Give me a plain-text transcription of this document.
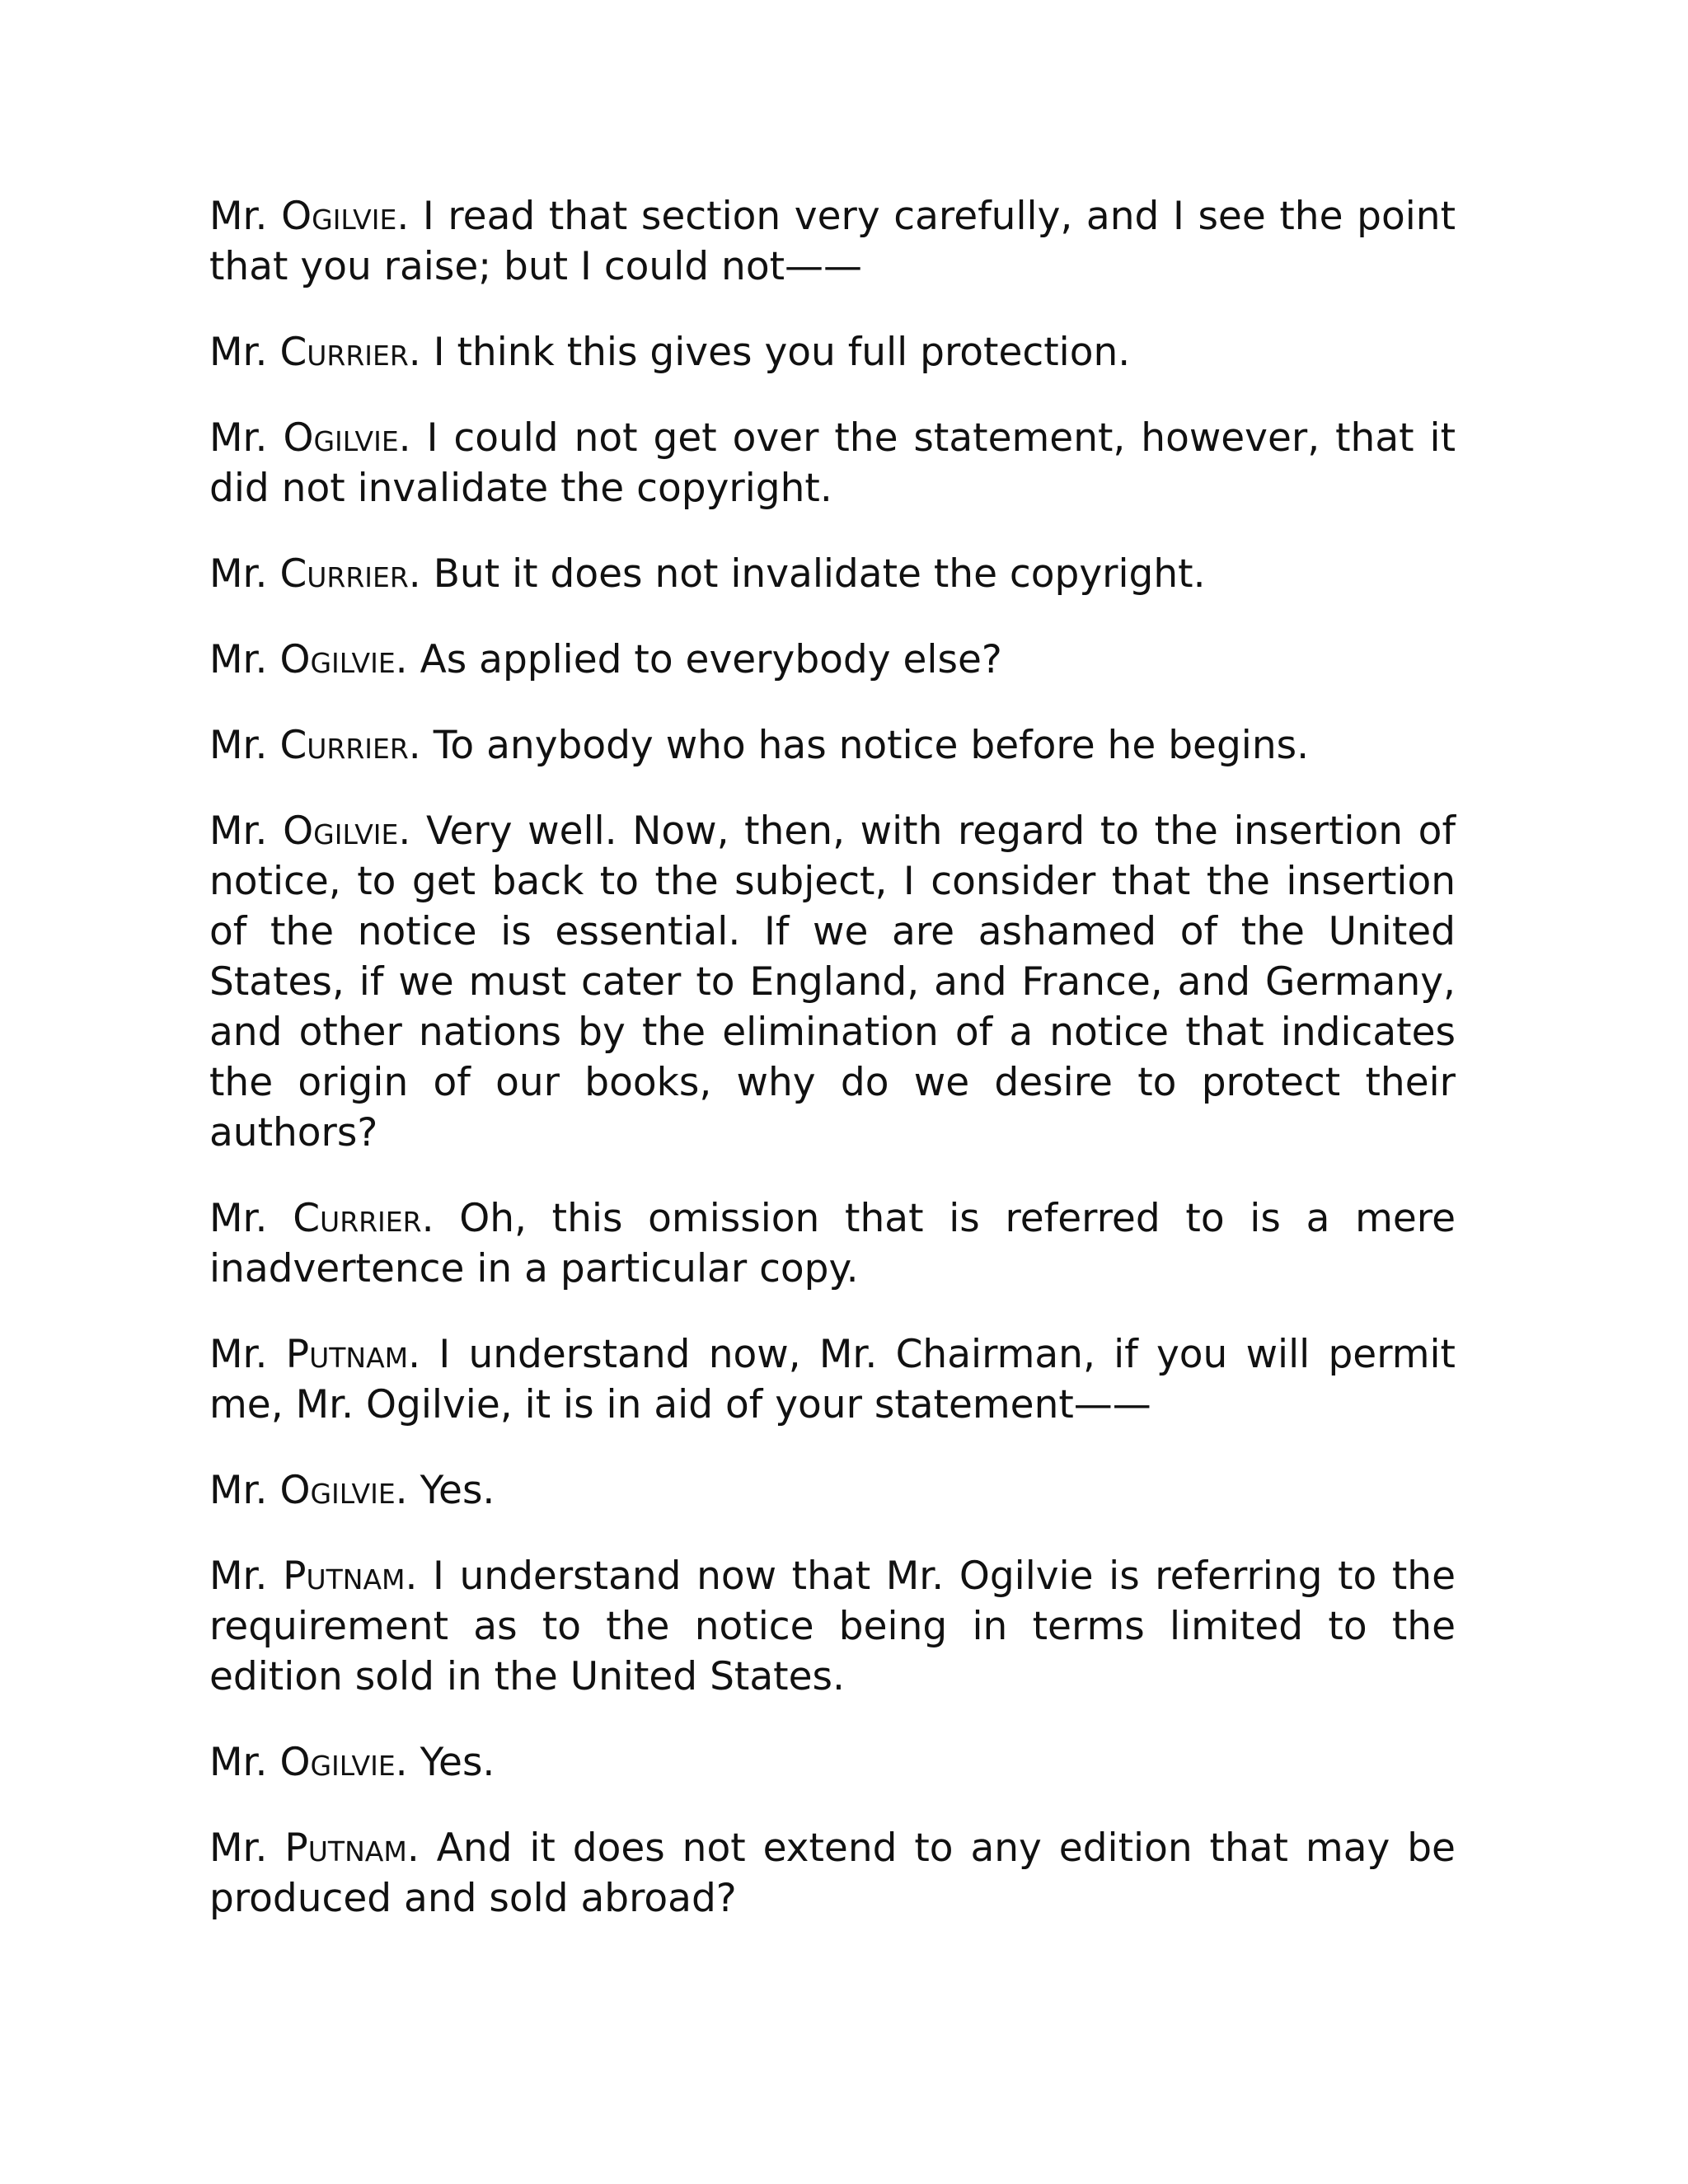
Mr. Ogilvie. I read that section very carefully, and I see the point that you raise; but I could not——

Mr. Currier. I think this gives you full protection.

Mr. Ogilvie. I could not get over the statement, however, that it did not invalidate the copyright.

Mr. Currier. But it does not invalidate the copyright.

Mr. Ogilvie. As applied to everybody else?

Mr. Currier. To anybody who has notice before he begins.

Mr. Ogilvie. Very well. Now, then, with regard to the insertion of notice, to get back to the subject, I consider that the insertion of the notice is essential. If we are ashamed of the United States, if we must cater to England, and France, and Germany, and other nations by the elimination of a notice that indicates the origin of our books, why do we desire to protect their authors?

Mr. Currier. Oh, this omission that is referred to is a mere inadvertence in a particular copy.

Mr. Putnam. I understand now, Mr. Chairman, if you will permit me, Mr. Ogilvie, it is in aid of your statement——

Mr. Ogilvie. Yes.

Mr. Putnam. I understand now that Mr. Ogilvie is referring to the requirement as to the notice being in terms limited to the edition sold in the United States.

Mr. Ogilvie. Yes.

Mr. Putnam. And it does not extend to any edition that may be produced and sold abroad?
